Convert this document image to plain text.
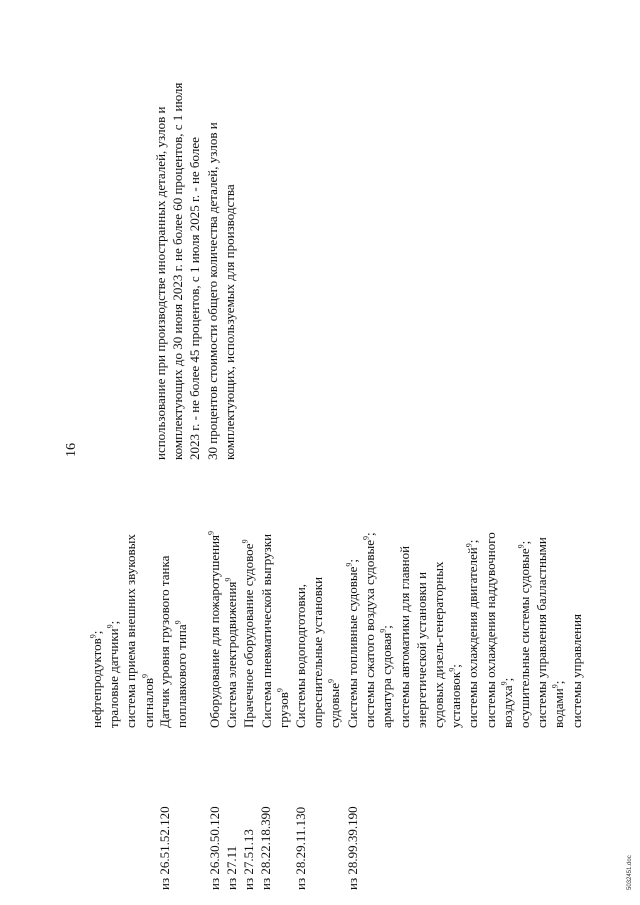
16
нефтепродуктов$^9$; траловые датчики$^9$; система приема внешних звуковых сигналов$^9$
из 26.51.52.120
Датчик уровня грузового танка поплавкового типа$^9$
из 26.30.50.120 из 27.11 из 27.51.13 из 28.22.18.390
Оборудование для пожаротушения$^9$
Система электродвижения$^9$ Прачечное оборудование судовое$^9$ Система пневматической выгрузки грузов$^9$
из 28.29.11.130
Системы водоподготовки, опреснительные установки судовые$^9$
из 28.99.39.190
Системы топливные судовые$^9$; системы сжатого воздуха судовые$^9$;
арматура судовая$^9$; системы автоматики для главной энергетической установки и судовых дизель-генераторных установок$^9$; системы охлаждения двигателей$^9$; системы охлаждения наддувочного воздуха$^9$; осушительные системы судовые$^9$; системы управления балластными водами$^9$; системы управления
использование при производстве иностранных деталей, узлов и комплектующих до 30 июня 2023 г. не более 60 процентов, с 1 июля 2023 г. - не более 45 процентов, с 1 июля 2025 г. - не более 30 процентов стоимости общего количества деталей, узлов и комплектующих, используемых для производства
5032451.doc
